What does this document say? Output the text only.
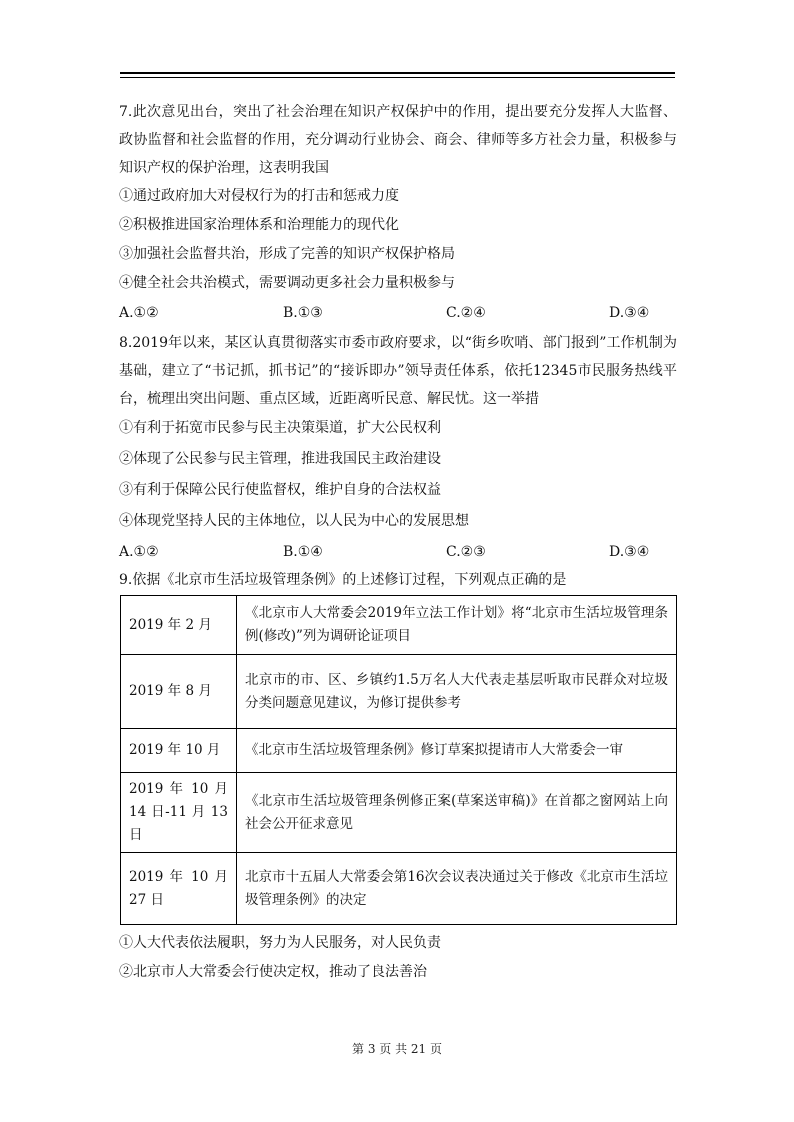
7.此次意见出台，突出了社会治理在知识产权保护中的作用，提出要充分发挥人大监督、政协监督和社会监督的作用，充分调动行业协会、商会、律师等多方社会力量，积极参与知识产权的保护治理，这表明我国

①通过政府加大对侵权行为的打击和惩戒力度

②积极推进国家治理体系和治理能力的现代化

③加强社会监督共治，形成了完善的知识产权保护格局

④健全社会共治模式，需要调动更多社会力量积极参与

A.①②	B.①③	C.②④	D.③④

8.2019年以来，某区认真贯彻落实市委市政府要求，以“街乡吹哨、部门报到”工作机制为基础，建立了“书记抓，抓书记”的“接诉即办”领导责任体系，依托12345市民服务热线平台，梳理出突出问题、重点区域，近距离听民意、解民忧。这一举措

①有利于拓宽市民参与民主决策渠道，扩大公民权利

②体现了公民参与民主管理，推进我国民主政治建设

③有利于保障公民行使监督权，维护自身的合法权益

④体现党坚持人民的主体地位，以人民为中心的发展思想

A.①②	B.①④	C.②③	D.③④

9.依据《北京市生活垃圾管理条例》的上述修订过程，下列观点正确的是

2019 年 2 月	《北京市人大常委会2019年立法工作计划》将“北京市生活垃圾管理条例(修改)”列为调研论证项目
2019 年 8 月	北京市的市、区、乡镇约1.5万名人大代表走基层听取市民群众对垃圾分类问题意见建议，为修订提供参考
2019 年 10 月	《北京市生活垃圾管理条例》修订草案拟提请市人大常委会一审
2019 年 10 月 14 日-11 月 13 日	《北京市生活垃圾管理条例修正案(草案送审稿)》在首都之窗网站上向社会公开征求意见
2019 年 10 月 27 日	北京市十五届人大常委会第16次会议表决通过关于修改《北京市生活垃圾管理条例》的决定

①人大代表依法履职，努力为人民服务，对人民负责

②北京市人大常委会行使决定权，推动了良法善治

第 3 页 共 21 页
